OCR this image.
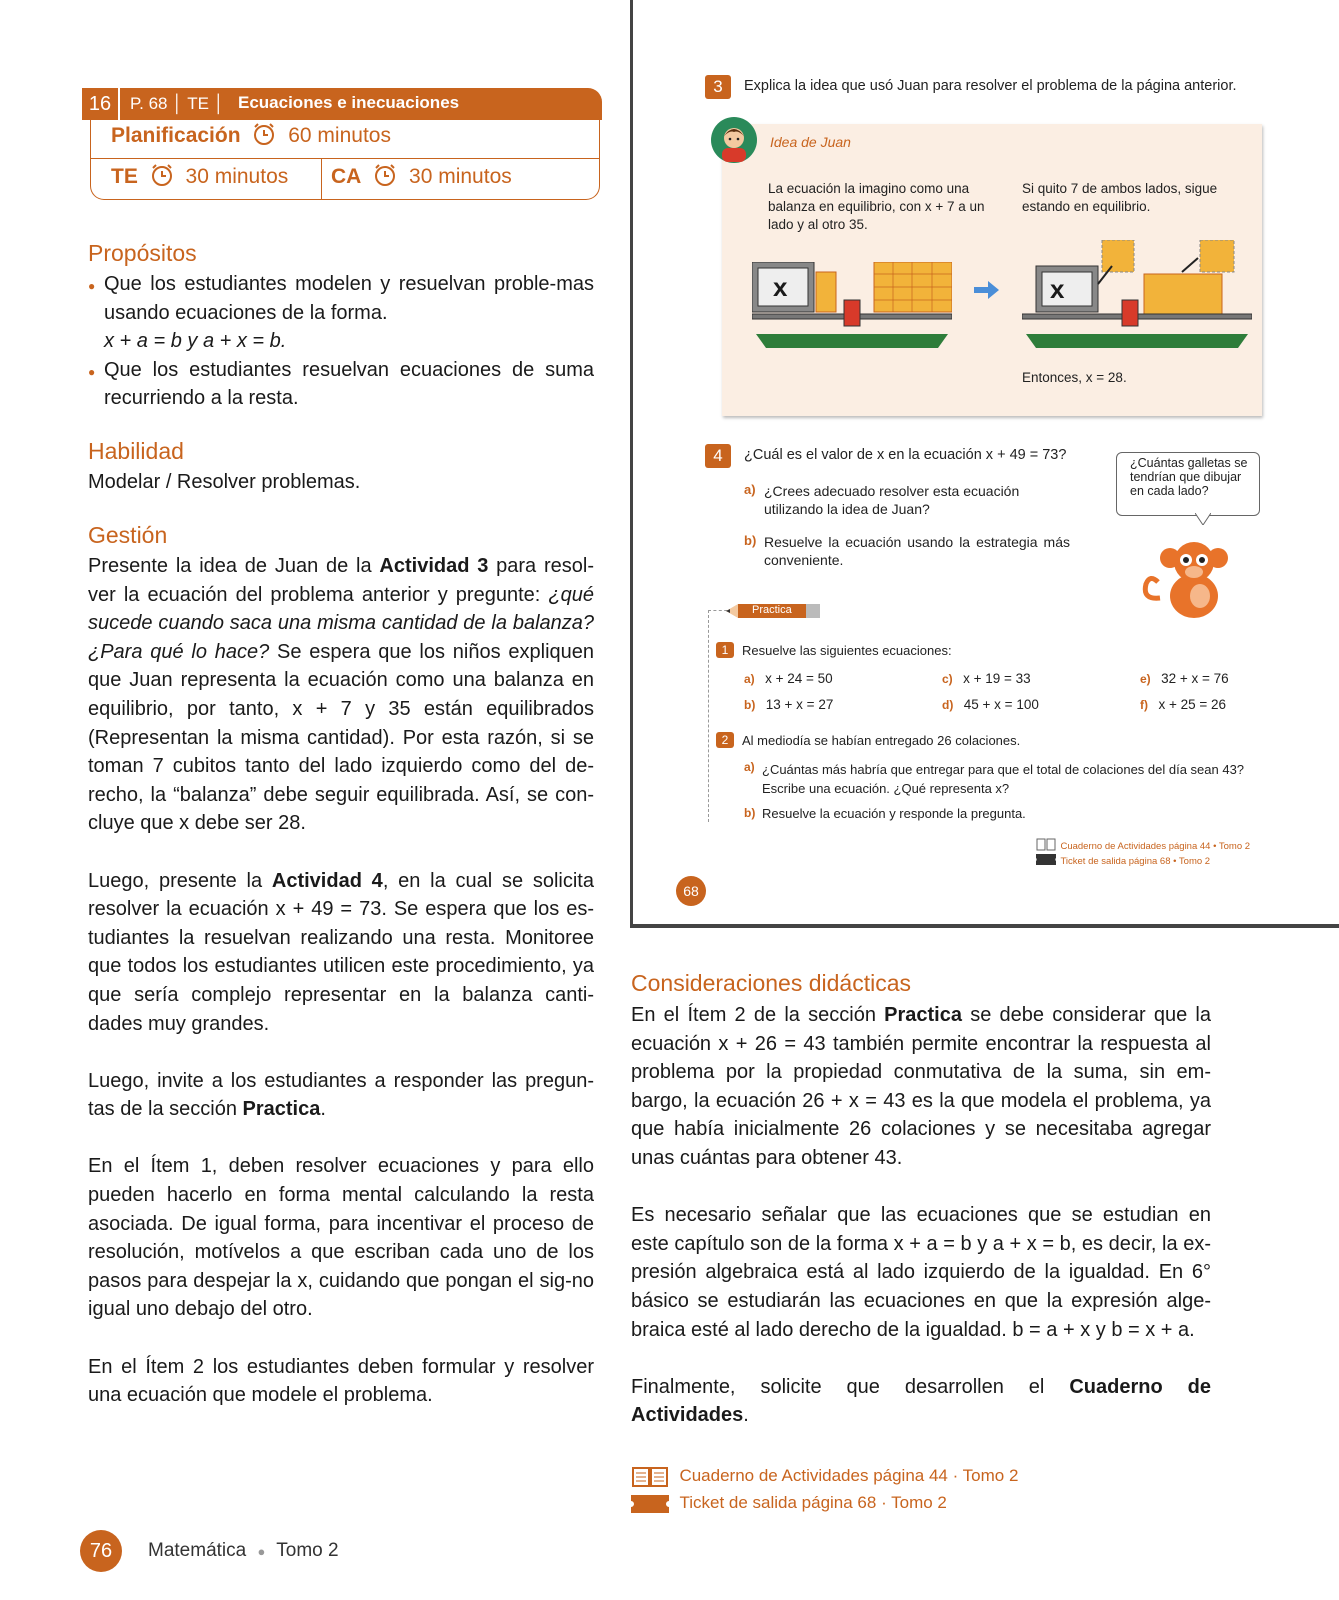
P. 68 │ TE │ Ecuaciones e inecuaciones
16
Planificación 60 minutos
TE 30 minutos CA 30 minutos
Propósitos
● Que los estudiantes modelen y resuelvan proble-mas usando ecuaciones de la forma.
x + a = b y a + x = b.
● Que los estudiantes resuelvan ecuaciones de suma recurriendo a la resta.
Habilidad
Modelar / Resolver problemas.
Gestión

Presente la idea de Juan de la Actividad 3 para resol-ver la ecuación del problema anterior y pregunte: ¿qué sucede cuando saca una misma cantidad de la balanza? ¿Para qué lo hace? Se espera que los niños expliquen que Juan representa la ecuación como una balanza en equilibrio, por tanto, x + 7 y 35 están equilibrados (Representan la misma cantidad). Por esta razón, si se toman 7 cubitos tanto del lado izquierdo como del de-recho, la “balanza” debe seguir equilibrada. Así, se con-cluye que x debe ser 28.

Luego, presente la Actividad 4, en la cual se solicita resolver la ecuación x + 49 = 73. Se espera que los es-tudiantes la resuelvan realizando una resta. Monitoree que todos los estudiantes utilicen este procedimiento, ya que sería complejo representar en la balanza canti-dades muy grandes.

Luego, invite a los estudiantes a responder las pregun-tas de la sección Practica.

En el Ítem 1, deben resolver ecuaciones y para ello pueden hacerlo en forma mental calculando la resta asociada. De igual forma, para incentivar el proceso de resolución, motívelos a que escriban cada uno de los pasos para despejar la x, cuidando que pongan el sig-no igual uno debajo del otro.

En el Ítem 2 los estudiantes deben formular y resolver una ecuación que modele el problema.

3	Explica la idea que usó Juan para resolver el problema de la página anterior.
Idea de Juan
La ecuación la imagino como una balanza en equilibrio, con x + 7 a un lado y al otro 35.
Si quito 7 de ambos lados, sigue estando en equilibrio.
x	x
Entonces, x = 28.
4	¿Cuál es el valor de x en la ecuación x + 49 = 73?
a) ¿Crees adecuado resolver esta ecuación utilizando la idea de Juan?
b) Resuelve la ecuación usando la estrategia más conveniente.
¿Cuántas galletas se tendrían que dibujar en cada lado?
Practica
1	Resuelve las siguientes ecuaciones:
a) x + 24 = 50	c) x + 19 = 33	e) 32 + x = 76
b) 13 + x = 27	d) 45 + x = 100	f) x + 25 = 26
2	Al mediodía se habían entregado 26 colaciones.
a) ¿Cuántas más habría que entregar para que el total de colaciones del día sean 43? Escribe una ecuación. ¿Qué representa x?
b) Resuelve la ecuación y responde la pregunta.
Cuaderno de Actividades página 44 • Tomo 2
Ticket de salida página 68 • Tomo 2
68
Consideraciones didácticas

En el Ítem 2 de la sección Practica se debe considerar que la ecuación x + 26 = 43 también permite encontrar la respuesta al problema por la propiedad conmutativa de la suma, sin em-bargo, la ecuación 26 + x = 43 es la que modela el problema, ya que había inicialmente 26 colaciones y se necesitaba agregar unas cuántas para obtener 43.

Es necesario señalar que las ecuaciones que se estudian en este capítulo son de la forma x + a = b y a + x = b, es decir, la ex-presión algebraica está al lado izquierdo de la igualdad. En 6° básico se estudiarán las ecuaciones en que la expresión alge-braica esté al lado derecho de la igualdad. b = a + x y b = x + a.

Finalmente, solicite que desarrollen el Cuaderno de Actividades.

Cuaderno de Actividades página 44 · Tomo 2
Ticket de salida página 68 · Tomo 2
76	Matemática ● Tomo 2
